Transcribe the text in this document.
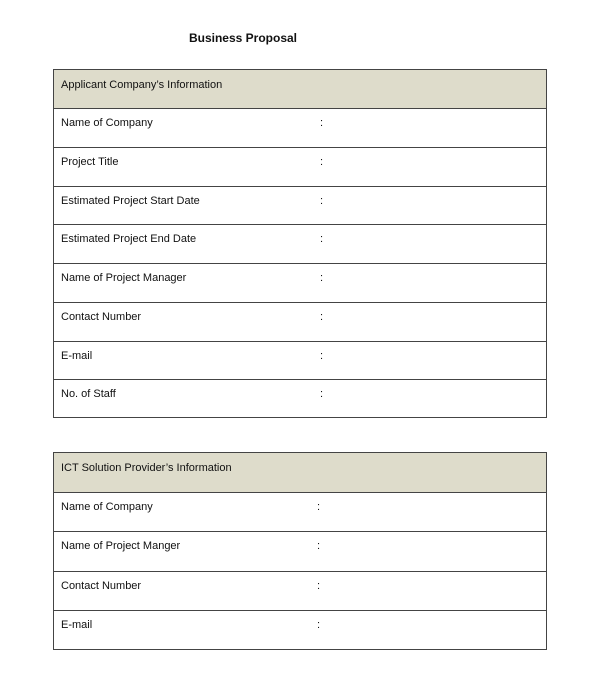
Business Proposal
Applicant Company’s Information
Name of Company	:
Project Title	:
Estimated Project Start Date	:
Estimated Project End Date	:
Name of Project Manager	:
Contact Number	:
E-mail	:
No. of Staff	:
ICT Solution Provider’s Information
Name of Company	:
Name of Project Manger	:
Contact Number	:
E-mail	:
